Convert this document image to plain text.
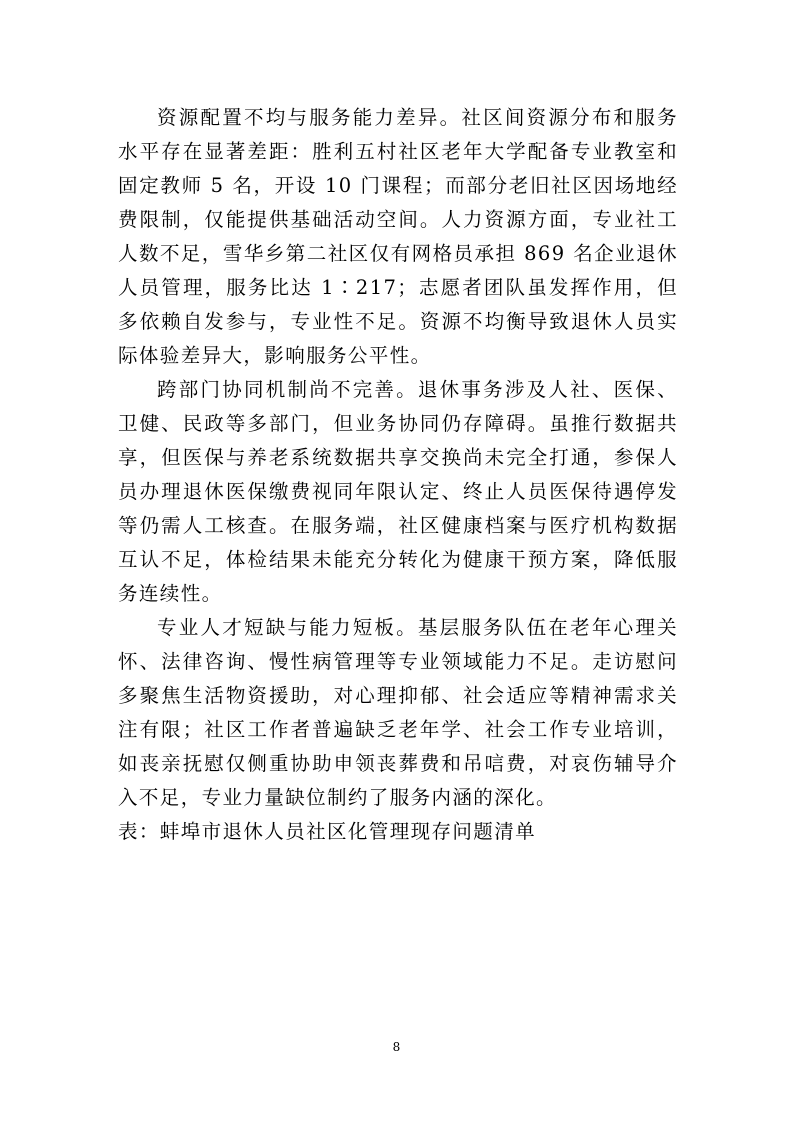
资源配置不均与服务能力差异。社区间资源分布和服务水平存在显著差距：胜利五村社区老年大学配备专业教室和固定教师 5 名，开设 10 门课程；而部分老旧社区因场地经费限制，仅能提供基础活动空间。人力资源方面，专业社工人数不足，雪华乡第二社区仅有网格员承担 869 名企业退休人员管理，服务比达 1∶217；志愿者团队虽发挥作用，但多依赖自发参与，专业性不足。资源不均衡导致退休人员实际体验差异大，影响服务公平性。

跨部门协同机制尚不完善。退休事务涉及人社、医保、卫健、民政等多部门，但业务协同仍存障碍。虽推行数据共享，但医保与养老系统数据共享交换尚未完全打通，参保人员办理退休医保缴费视同年限认定、终止人员医保待遇停发等仍需人工核查。在服务端，社区健康档案与医疗机构数据互认不足，体检结果未能充分转化为健康干预方案，降低服务连续性。

专业人才短缺与能力短板。基层服务队伍在老年心理关怀、法律咨询、慢性病管理等专业领域能力不足。走访慰问多聚焦生活物资援助，对心理抑郁、社会适应等精神需求关注有限；社区工作者普遍缺乏老年学、社会工作专业培训，如丧亲抚慰仅侧重协助申领丧葬费和吊唁费，对哀伤辅导介入不足，专业力量缺位制约了服务内涵的深化。

表：蚌埠市退休人员社区化管理现存问题清单

8
